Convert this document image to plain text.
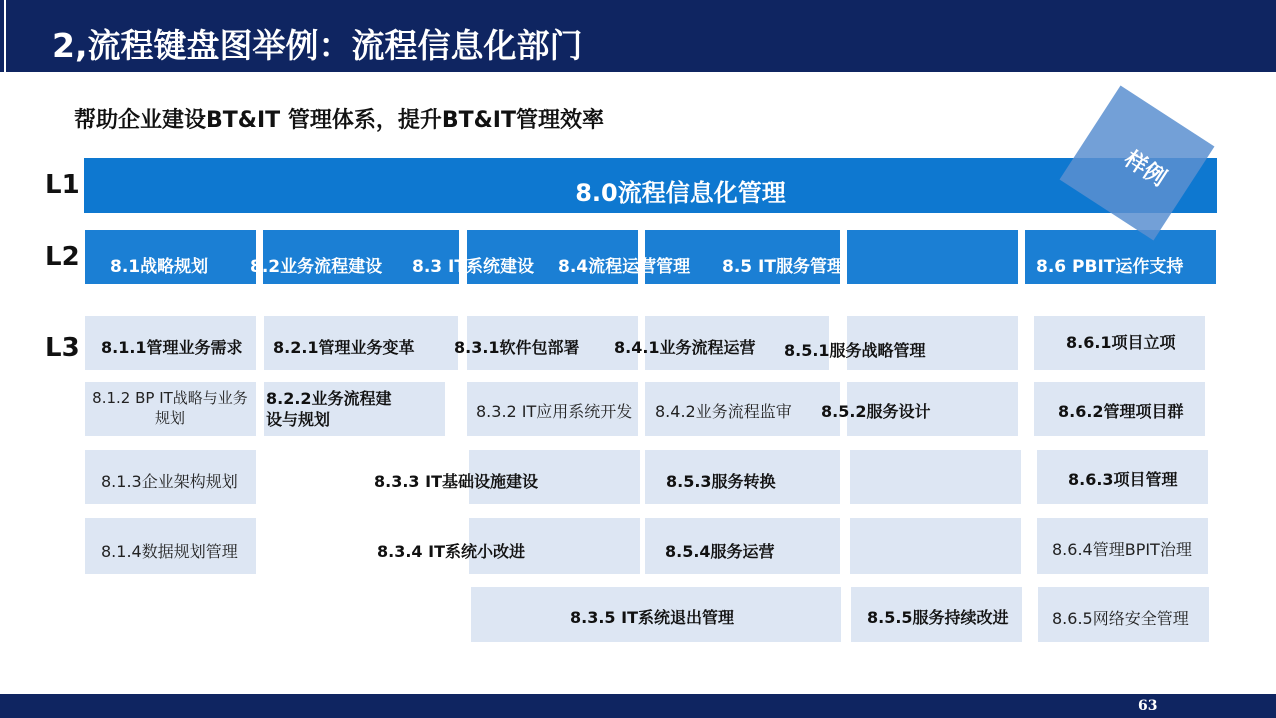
2,流程键盘图举例：流程信息化部门
帮助企业建设BT&IT 管理体系，提升BT&IT管理效率
L1
L2
L3
8.0流程信息化管理
8.1战略规划 8.2业务流程建设 8.3 IT系统建设 8.4流程运营管理 8.5 IT服务管理	8.6 PBIT运作支持
8.1.1管理业务需求
8.1.2 BP IT战略与业务规划
8.1.3企业架构规划
8.1.4数据规划管理
8.2.1管理业务变革
8.2.2业务流程建设与规划
8.3.1软件包部署
8.3.2 IT应用系统开发
8.3.3 IT基础设施建设
8.3.4 IT系统小改进
8.3.5 IT系统退出管理
8.4.1业务流程运营
8.4.2业务流程监审
8.5.1服务战略管理
8.5.2服务设计
8.5.3服务转换
8.5.4服务运营
8.5.5服务持续改进
8.6.1项目立项
8.6.2管理项目群
8.6.3项目管理
8.6.4管理BPIT治理
8.6.5网络安全管理
样例
63
